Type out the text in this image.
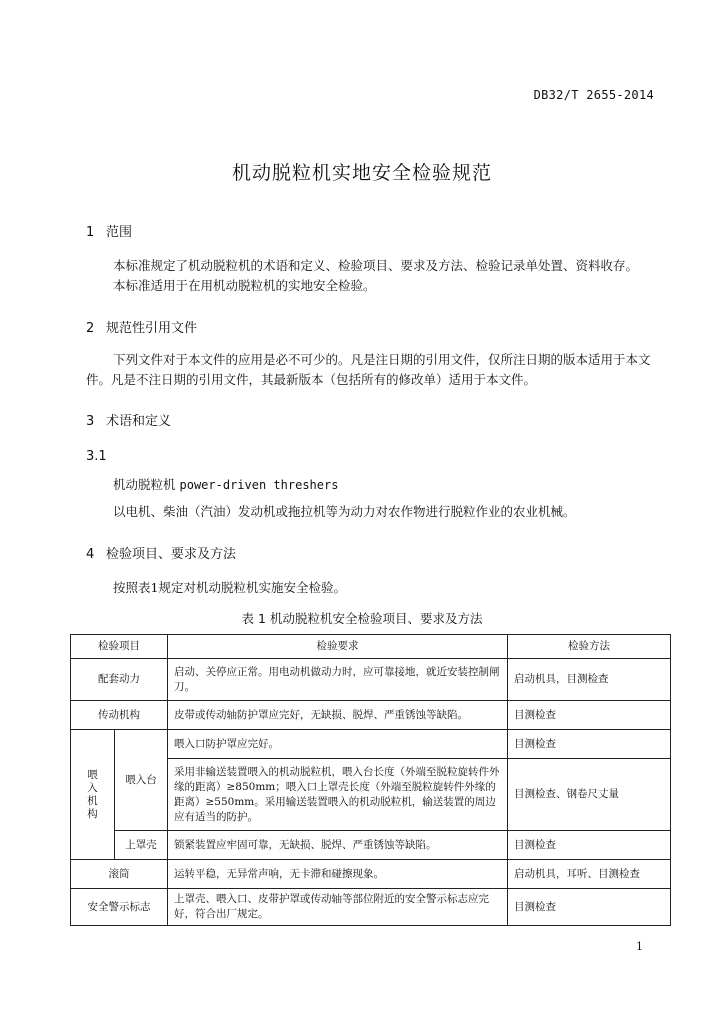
DB32/T 2655-2014
机动脱粒机实地安全检验规范
1 范围
本标准规定了机动脱粒机的术语和定义、检验项目、要求及方法、检验记录单处置、资料收存。
本标准适用于在用机动脱粒机的实地安全检验。
2 规范性引用文件
下列文件对于本文件的应用是必不可少的。凡是注日期的引用文件，仅所注日期的版本适用于本文
件。凡是不注日期的引用文件，其最新版本（包括所有的修改单）适用于本文件。
3 术语和定义
3.1
机动脱粒机 power-driven threshers
以电机、柴油（汽油）发动机或拖拉机等为动力对农作物进行脱粒作业的农业机械。
4 检验项目、要求及方法
按照表1规定对机动脱粒机实施安全检验。
表 1 机动脱粒机安全检验项目、要求及方法
检验项目		检验要求	检验方法
配套动力		启动、关停应正常。用电动机做动力时，应可靠接地，就近安装控制闸刀。	启动机具，目测检查
传动机构		皮带或传动轴防护罩应完好，无缺损、脱焊、严重锈蚀等缺陷。	目测检查

喂
入
机
构	喂入台	喂入口防护罩应完好。	目测检查
		采用非输送装置喂入的机动脱粒机，喂入台长度（外端至脱粒旋转件外缘的距离）≥850mm；喂入口上罩壳长度（外端至脱粒旋转件外缘的距离）≥550mm。采用输送装置喂入的机动脱粒机，输送装置的周边应有适当的防护。	目测检查、钢卷尺丈量
	上罩壳	锁紧装置应牢固可靠，无缺损、脱焊、严重锈蚀等缺陷。	目测检查
滚筒		运转平稳，无异常声响，无卡滞和碰擦现象。	启动机具，耳听、目测检查
安全警示标志		上罩壳、喂入口、皮带护罩或传动轴等部位附近的安全警示标志应完好，符合出厂规定。	目测检查
1
